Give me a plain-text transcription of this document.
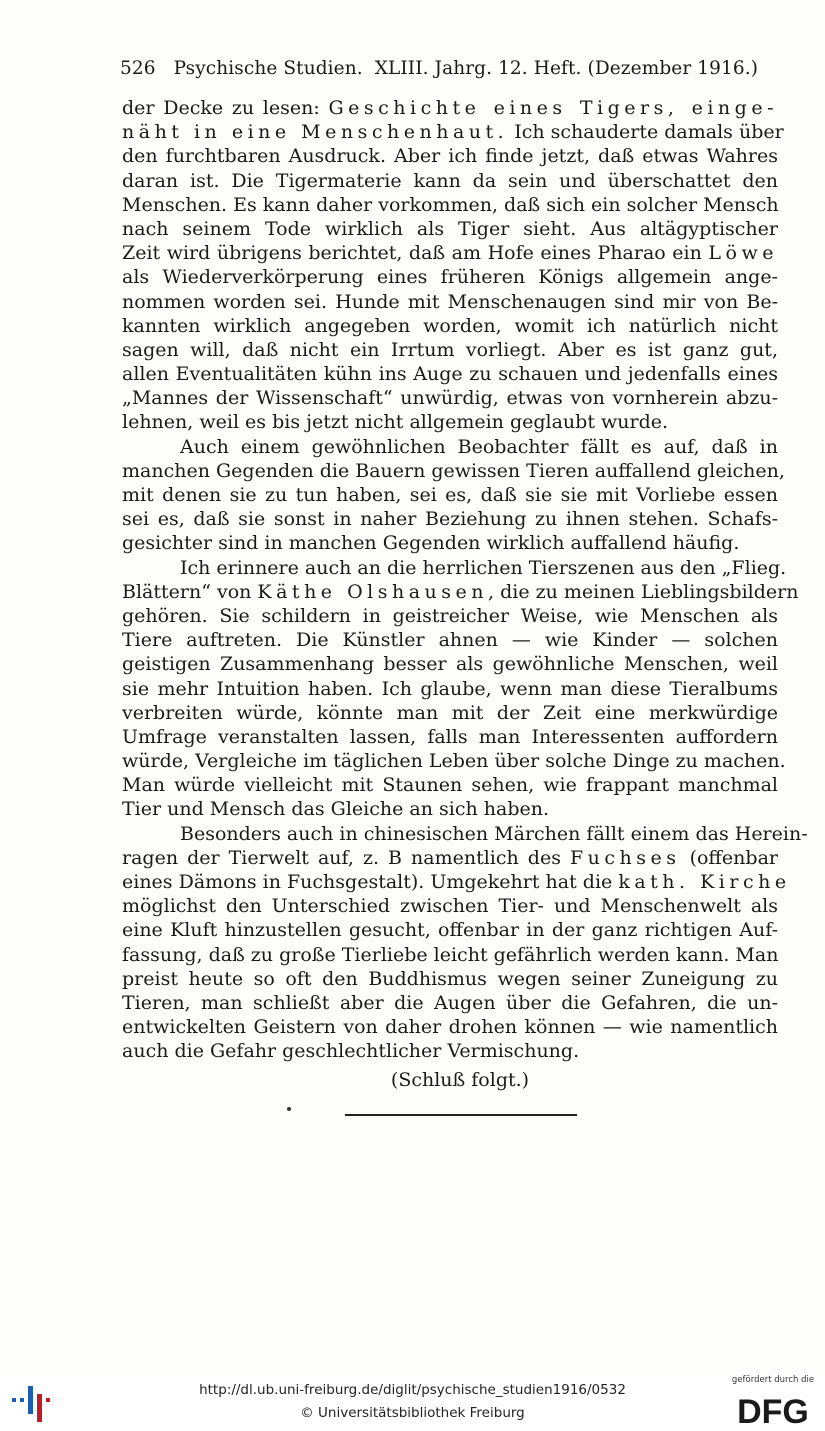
526 Psychische Studien. XLIII. Jahrg. 12. Heft. (Dezember 1916.)
der Decke zu lesen: Geschichte eines Tigers, einge-
näht in eine Menschenhaut. Ich schauderte damals über
den furchtbaren Ausdruck. Aber ich finde jetzt, daß etwas Wahres
daran ist. Die Tigermaterie kann da sein und überschattet den
Menschen. Es kann daher vorkommen, daß sich ein solcher Mensch
nach seinem Tode wirklich als Tiger sieht. Aus altägyptischer
Zeit wird übrigens berichtet, daß am Hofe eines Pharao ein Löwe
als Wiederverkörperung eines früheren Königs allgemein ange-
nommen worden sei. Hunde mit Menschenaugen sind mir von Be-
kannten wirklich angegeben worden, womit ich natürlich nicht
sagen will, daß nicht ein Irrtum vorliegt. Aber es ist ganz gut,
allen Eventualitäten kühn ins Auge zu schauen und jedenfalls eines
„Mannes der Wissenschaft“ unwürdig, etwas von vornherein abzu-
lehnen, weil es bis jetzt nicht allgemein geglaubt wurde.
Auch einem gewöhnlichen Beobachter fällt es auf, daß in
manchen Gegenden die Bauern gewissen Tieren auffallend gleichen,
mit denen sie zu tun haben, sei es, daß sie sie mit Vorliebe essen
sei es, daß sie sonst in naher Beziehung zu ihnen stehen. Schafs-
gesichter sind in manchen Gegenden wirklich auffallend häufig.
Ich erinnere auch an die herrlichen Tierszenen aus den „Flieg.
Blättern“ von Käthe Olshausen, die zu meinen Lieblingsbildern
gehören. Sie schildern in geistreicher Weise, wie Menschen als
Tiere auftreten. Die Künstler ahnen — wie Kinder — solchen
geistigen Zusammenhang besser als gewöhnliche Menschen, weil
sie mehr Intuition haben. Ich glaube, wenn man diese Tieralbums
verbreiten würde, könnte man mit der Zeit eine merkwürdige
Umfrage veranstalten lassen, falls man Interessenten auffordern
würde, Vergleiche im täglichen Leben über solche Dinge zu machen.
Man würde vielleicht mit Staunen sehen, wie frappant manchmal
Tier und Mensch das Gleiche an sich haben.
Besonders auch in chinesischen Märchen fällt einem das Herein-
ragen der Tierwelt auf, z. B namentlich des Fuchses (offenbar
eines Dämons in Fuchsgestalt). Umgekehrt hat die kath. Kirche
möglichst den Unterschied zwischen Tier- und Menschenwelt als
eine Kluft hinzustellen gesucht, offenbar in der ganz richtigen Auf-
fassung, daß zu große Tierliebe leicht gefährlich werden kann. Man
preist heute so oft den Buddhismus wegen seiner Zuneigung zu
Tieren, man schließt aber die Augen über die Gefahren, die un-
entwickelten Geistern von daher drohen können — wie namentlich
auch die Gefahr geschlechtlicher Vermischung.
(Schluß folgt.)
http://dl.ub.uni-freiburg.de/diglit/psychische_studien1916/0532
© Universitätsbibliothek Freiburg
gefördert durch die
DFG
